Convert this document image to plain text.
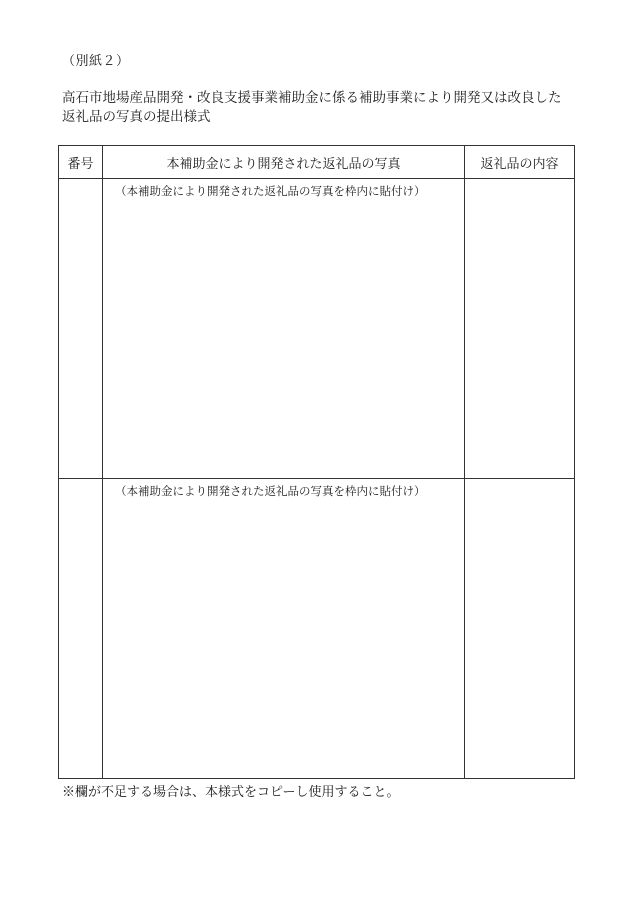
（別紙２）
高石市地場産品開発・改良支援事業補助金に係る補助事業により開発又は改良した
返礼品の写真の提出様式
番号	本補助金により開発された返礼品の写真	返礼品の内容

	（本補助金により開発された返礼品の写真を枠内に貼付け）	

	（本補助金により開発された返礼品の写真を枠内に貼付け）	

※欄が不足する場合は、本様式をコピーし使用すること。
